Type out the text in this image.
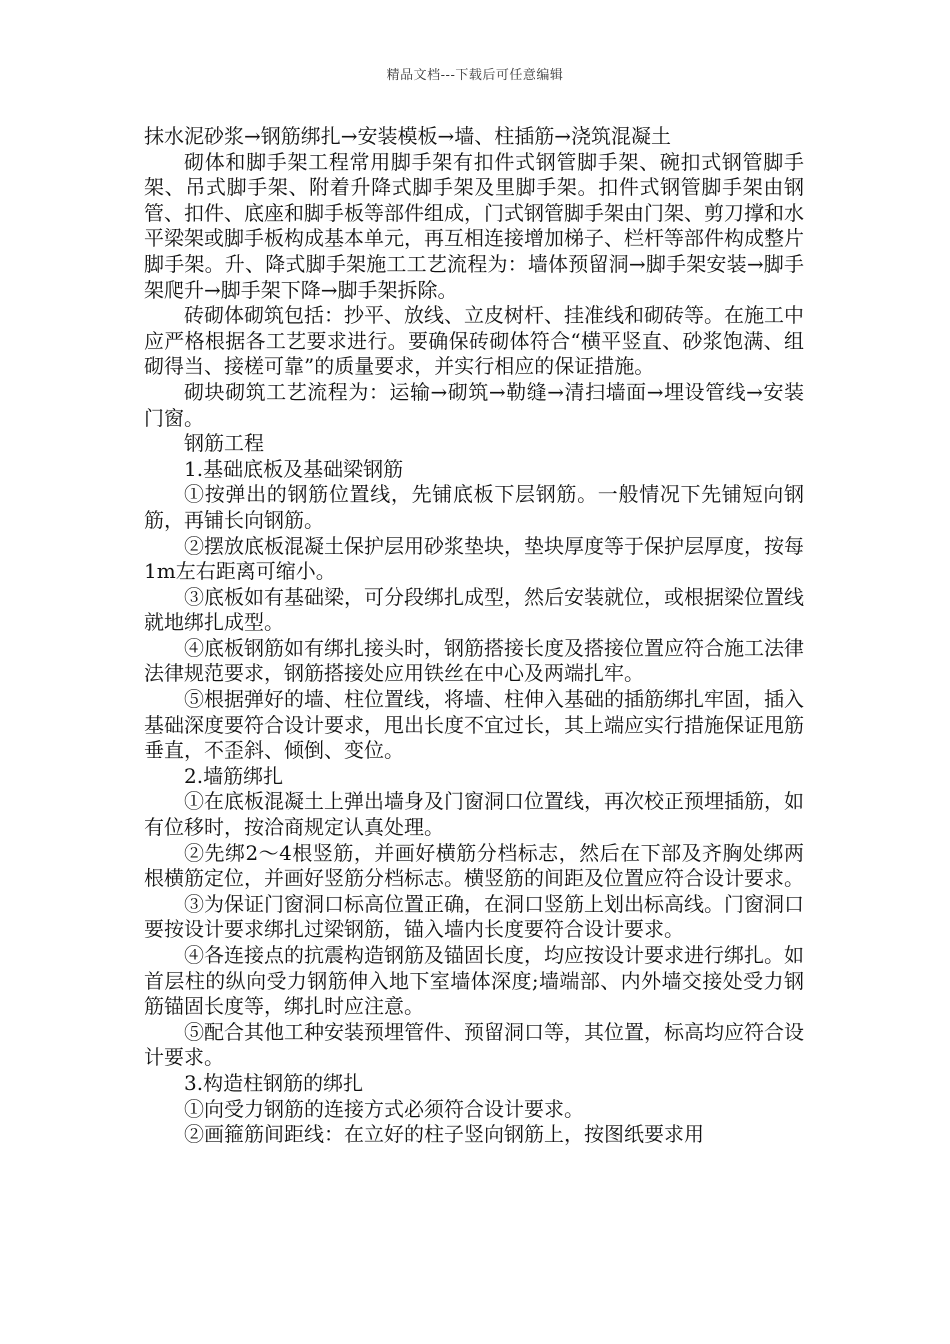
精品文档---下载后可任意编辑

抹水泥砂浆→钢筋绑扎→安装模板→墙、柱插筋→浇筑混凝土

砌体和脚手架工程常用脚手架有扣件式钢管脚手架、碗扣式钢管脚手架、吊式脚手架、附着升降式脚手架及里脚手架。扣件式钢管脚手架由钢管、扣件、底座和脚手板等部件组成，门式钢管脚手架由门架、剪刀撑和水平梁架或脚手板构成基本单元，再互相连接增加梯子、栏杆等部件构成整片脚手架。升、降式脚手架施工工艺流程为：墙体预留洞→脚手架安装→脚手架爬升→脚手架下降→脚手架拆除。

砖砌体砌筑包括：抄平、放线、立皮树杆、挂准线和砌砖等。在施工中应严格根据各工艺要求进行。要确保砖砌体符合“横平竖直、砂浆饱满、组砌得当、接槎可靠”的质量要求，并实行相应的保证措施。

砌块砌筑工艺流程为：运输→砌筑→勒缝→清扫墙面→埋设管线→安装门窗。

钢筋工程

1.基础底板及基础梁钢筋

①按弹出的钢筋位置线，先铺底板下层钢筋。一般情况下先铺短向钢筋，再铺长向钢筋。

②摆放底板混凝土保护层用砂浆垫块，垫块厚度等于保护层厚度，按每1m左右距离可缩小。

③底板如有基础梁，可分段绑扎成型，然后安装就位，或根据梁位置线就地绑扎成型。

④底板钢筋如有绑扎接头时，钢筋搭接长度及搭接位置应符合施工法律法律规范要求，钢筋搭接处应用铁丝在中心及两端扎牢。

⑤根据弹好的墙、柱位置线，将墙、柱伸入基础的插筋绑扎牢固，插入基础深度要符合设计要求，甩出长度不宜过长，其上端应实行措施保证甩筋垂直，不歪斜、倾倒、变位。

2.墙筋绑扎

①在底板混凝土上弹出墙身及门窗洞口位置线，再次校正预埋插筋，如有位移时，按洽商规定认真处理。

②先绑2～4根竖筋，并画好横筋分档标志，然后在下部及齐胸处绑两根横筋定位，并画好竖筋分档标志。横竖筋的间距及位置应符合设计要求。

③为保证门窗洞口标高位置正确，在洞口竖筋上划出标高线。门窗洞口要按设计要求绑扎过梁钢筋，锚入墙内长度要符合设计要求。

④各连接点的抗震构造钢筋及锚固长度，均应按设计要求进行绑扎。如首层柱的纵向受力钢筋伸入地下室墙体深度;墙端部、内外墙交接处受力钢筋锚固长度等，绑扎时应注意。

⑤配合其他工种安装预埋管件、预留洞口等，其位置，标高均应符合设计要求。

3.构造柱钢筋的绑扎

①向受力钢筋的连接方式必须符合设计要求。

②画箍筋间距线：在立好的柱子竖向钢筋上，按图纸要求用
